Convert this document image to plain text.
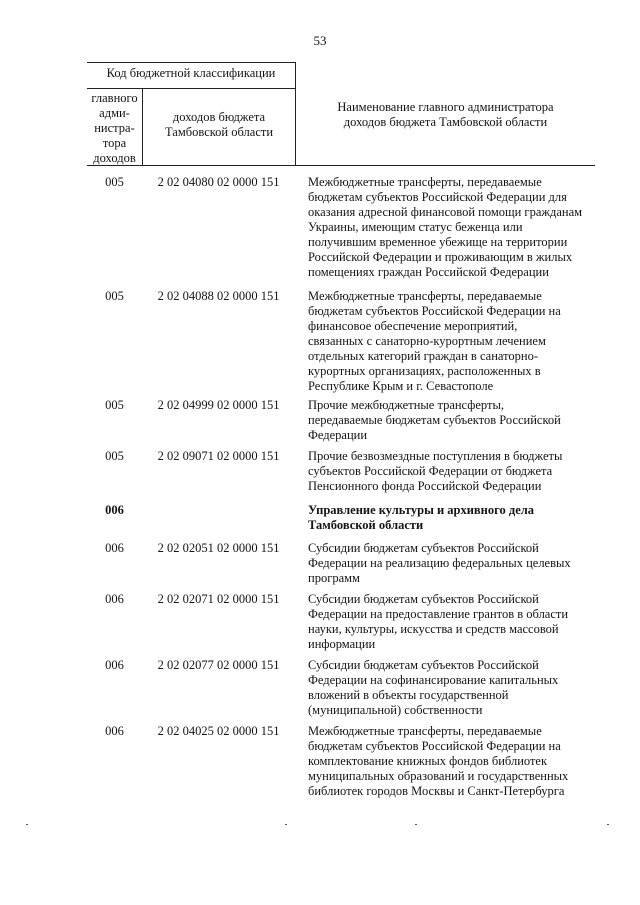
53
Код бюджетной классификации
главного
адми-
нистра-
тора
доходов
доходов бюджета
Тамбовской области
Наименование главного администратора
доходов бюджета Тамбовской области
005	2 02 04080 02 0000 151	Межбюджетные трансферты, передаваемые
бюджетам субъектов Российской Федерации для
оказания адресной финансовой помощи гражданам
Украины, имеющим статус беженца или
получившим временное убежище на территории
Российской Федерации и проживающим в жилых
помещениях граждан Российской Федерации
005	2 02 04088 02 0000 151	Межбюджетные трансферты, передаваемые
бюджетам субъектов Российской Федерации на
финансовое обеспечение мероприятий,
связанных с санаторно-курортным лечением
отдельных категорий граждан в санаторно-
курортных организациях, расположенных в
Республике Крым и г. Севастополе
005	2 02 04999 02 0000 151	Прочие межбюджетные трансферты,
передаваемые бюджетам субъектов Российской
Федерации
005	2 02 09071 02 0000 151	Прочие безвозмездные поступления в бюджеты
субъектов Российской Федерации от бюджета
Пенсионного фонда Российской Федерации
006	Управление культуры и архивного дела
Тамбовской области
006	2 02 02051 02 0000 151	Субсидии бюджетам субъектов Российской
Федерации на реализацию федеральных целевых
программ
006	2 02 02071 02 0000 151	Субсидии бюджетам субъектов Российской
Федерации на предоставление грантов в области
науки, культуры, искусства и средств массовой
информации
006	2 02 02077 02 0000 151	Субсидии бюджетам субъектов Российской
Федерации на софинансирование капитальных
вложений в объекты государственной
(муниципальной) собственности
006	2 02 04025 02 0000 151	Межбюджетные трансферты, передаваемые
бюджетам субъектов Российской Федерации на
комплектование книжных фондов библиотек
муниципальных образований и государственных
библиотек городов Москвы и Санкт-Петербурга
